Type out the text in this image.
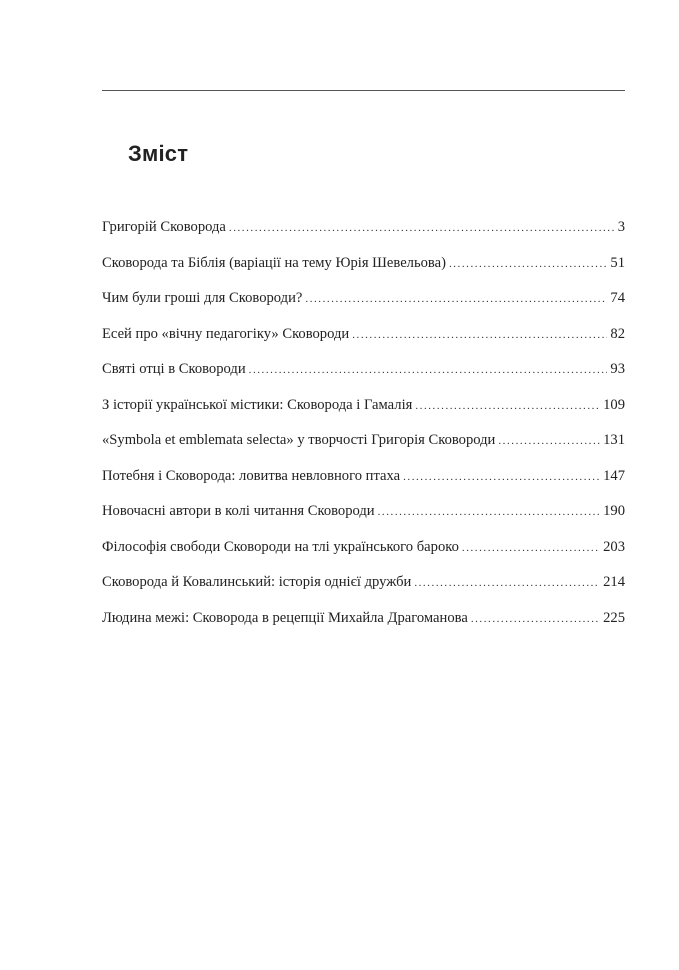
Зміст
Григорій Сковорода . . .	3
Сковорода та Біблія (варіації на тему Юрія Шевельова) . . .	51
Чим були гроші для Сковороди? . . .	74
Есей про «вічну педагогіку» Сковороди . . .	82
Святі отці в Сковороди . . .	93
З історії української містики: Сковорода і Гамалія . . .	109
«Symbola et emblemata selecta» у творчості Григорія Сковороди . . .	131
Потебня і Сковорода: ловитва невловного птаха . . .	147
Новочасні автори в колі читання Сковороди . . .	190
Філософія свободи Сковороди на тлі українського бароко . . .	203
Сковорода й Ковалинський: історія однієї дружби . . .	214
Людина межі: Сковорода в рецепції Михайла Драгоманова . . .	225
